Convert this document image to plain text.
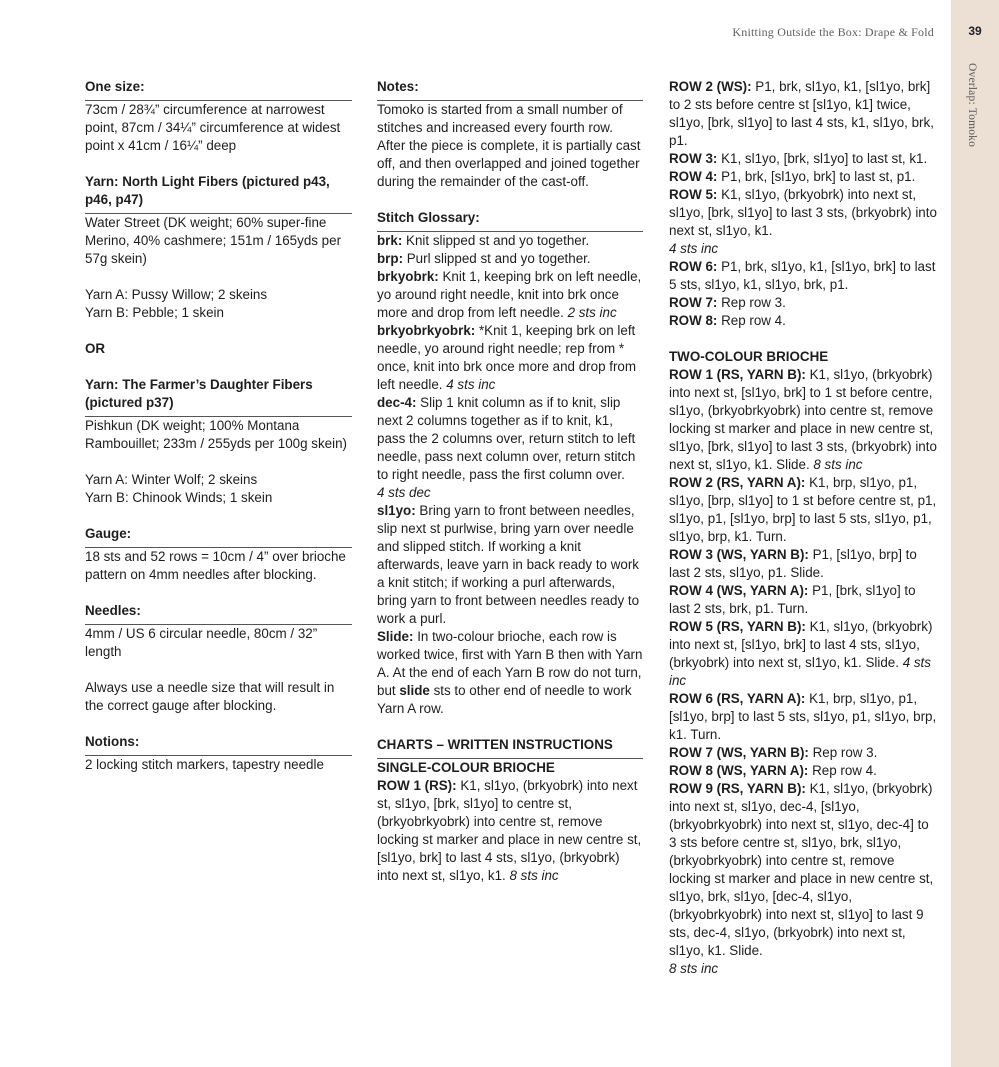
39
Overlap: Tomoko
Knitting Outside the Box: Drape & Fold

One size:

73cm / 28¾” circumference at narrowest point, 87cm / 34¼” circumference at widest point x 41cm / 16¼” deep

Yarn: North Light Fibers (pictured p43, p46, p47)

Water Street (DK weight; 60% super-fine Merino, 40% cashmere; 151m / 165yds per 57g skein)

Yarn A: Pussy Willow; 2 skeins

Yarn B: Pebble; 1 skein

OR

Yarn: The Farmer’s Daughter Fibers (pictured p37)

Pishkun (DK weight; 100% Montana Rambouillet; 233m / 255yds per 100g skein)

Yarn A: Winter Wolf; 2 skeins

Yarn B: Chinook Winds; 1 skein

Gauge:

18 sts and 52 rows = 10cm / 4” over brioche pattern on 4mm needles after blocking.

Needles:

4mm / US 6 circular needle, 80cm / 32” length

Always use a needle size that will result in the correct gauge after blocking.

Notions:

2 locking stitch markers, tapestry needle

Notes:

Tomoko is started from a small number of stitches and increased every fourth row. After the piece is complete, it is partially cast off, and then overlapped and joined together during the remainder of the cast-off.

Stitch Glossary:

brk: Knit slipped st and yo together.

brp: Purl slipped st and yo together.

brkyobrk: Knit 1, keeping brk on left needle, yo around right needle, knit into brk once more and drop from left needle. 2 sts inc

brkyobrkyobrk: *Knit 1, keeping brk on left needle, yo around right needle; rep from * once, knit into brk once more and drop from left needle. 4 sts inc

dec-4: Slip 1 knit column as if to knit, slip next 2 columns together as if to knit, k1, pass the 2 columns over, return stitch to left needle, pass next column over, return stitch to right needle, pass the first column over.

4 sts dec

sl1yo: Bring yarn to front between needles, slip next st purlwise, bring yarn over needle and slipped stitch. If working a knit afterwards, leave yarn in back ready to work a knit stitch; if working a purl afterwards, bring yarn to front between needles ready to work a purl.

Slide: In two-colour brioche, each row is worked twice, first with Yarn B then with Yarn A. At the end of each Yarn B row do not turn, but slide sts to other end of needle to work Yarn A row.

CHARTS – WRITTEN INSTRUCTIONS

SINGLE-COLOUR BRIOCHE

ROW 1 (RS): K1, sl1yo, (brkyobrk) into next st, sl1yo, [brk, sl1yo] to centre st, (brkyobrkyobrk) into centre st, remove locking st marker and place in new centre st, [sl1yo, brk] to last 4 sts, sl1yo, (brkyobrk) into next st, sl1yo, k1. 8 sts inc

ROW 2 (WS): P1, brk, sl1yo, k1, [sl1yo, brk] to 2 sts before centre st [sl1yo, k1] twice, sl1yo, [brk, sl1yo] to last 4 sts, k1, sl1yo, brk, p1.

ROW 3: K1, sl1yo, [brk, sl1yo] to last st, k1.

ROW 4: P1, brk, [sl1yo, brk] to last st, p1.

ROW 5: K1, sl1yo, (brkyobrk) into next st, sl1yo, [brk, sl1yo] to last 3 sts, (brkyobrk) into next st, sl1yo, k1.

4 sts inc

ROW 6: P1, brk, sl1yo, k1, [sl1yo, brk] to last 5 sts, sl1yo, k1, sl1yo, brk, p1.

ROW 7: Rep row 3.

ROW 8: Rep row 4.

TWO-COLOUR BRIOCHE

ROW 1 (RS, YARN B): K1, sl1yo, (brkyobrk) into next st, [sl1yo, brk] to 1 st before centre, sl1yo, (brkyobrkyobrk) into centre st, remove locking st marker and place in new centre st, sl1yo, [brk, sl1yo] to last 3 sts, (brkyobrk) into next st, sl1yo, k1. Slide. 8 sts inc

ROW 2 (RS, YARN A): K1, brp, sl1yo, p1, sl1yo, [brp, sl1yo] to 1 st before centre st, p1, sl1yo, p1, [sl1yo, brp] to last 5 sts, sl1yo, p1, sl1yo, brp, k1. Turn.

ROW 3 (WS, YARN B): P1, [sl1yo, brp] to last 2 sts, sl1yo, p1. Slide.

ROW 4 (WS, YARN A): P1, [brk, sl1yo] to last 2 sts, brk, p1. Turn.

ROW 5 (RS, YARN B): K1, sl1yo, (brkyobrk) into next st, [sl1yo, brk] to last 4 sts, sl1yo, (brkyobrk) into next st, sl1yo, k1. Slide. 4 sts inc

ROW 6 (RS, YARN A): K1, brp, sl1yo, p1, [sl1yo, brp] to last 5 sts, sl1yo, p1, sl1yo, brp, k1. Turn.

ROW 7 (WS, YARN B): Rep row 3.

ROW 8 (WS, YARN A): Rep row 4.

ROW 9 (RS, YARN B): K1, sl1yo, (brkyobrk) into next st, sl1yo, dec-4, [sl1yo, (brkyobrkyobrk) into next st, sl1yo, dec-4] to 3 sts before centre st, sl1yo, brk, sl1yo, (brkyobrkyobrk) into centre st, remove locking st marker and place in new centre st, sl1yo, brk, sl1yo, [dec-4, sl1yo, (brkyobrkyobrk) into next st, sl1yo] to last 9 sts, dec-4, sl1yo, (brkyobrk) into next st, sl1yo, k1. Slide.

8 sts inc
